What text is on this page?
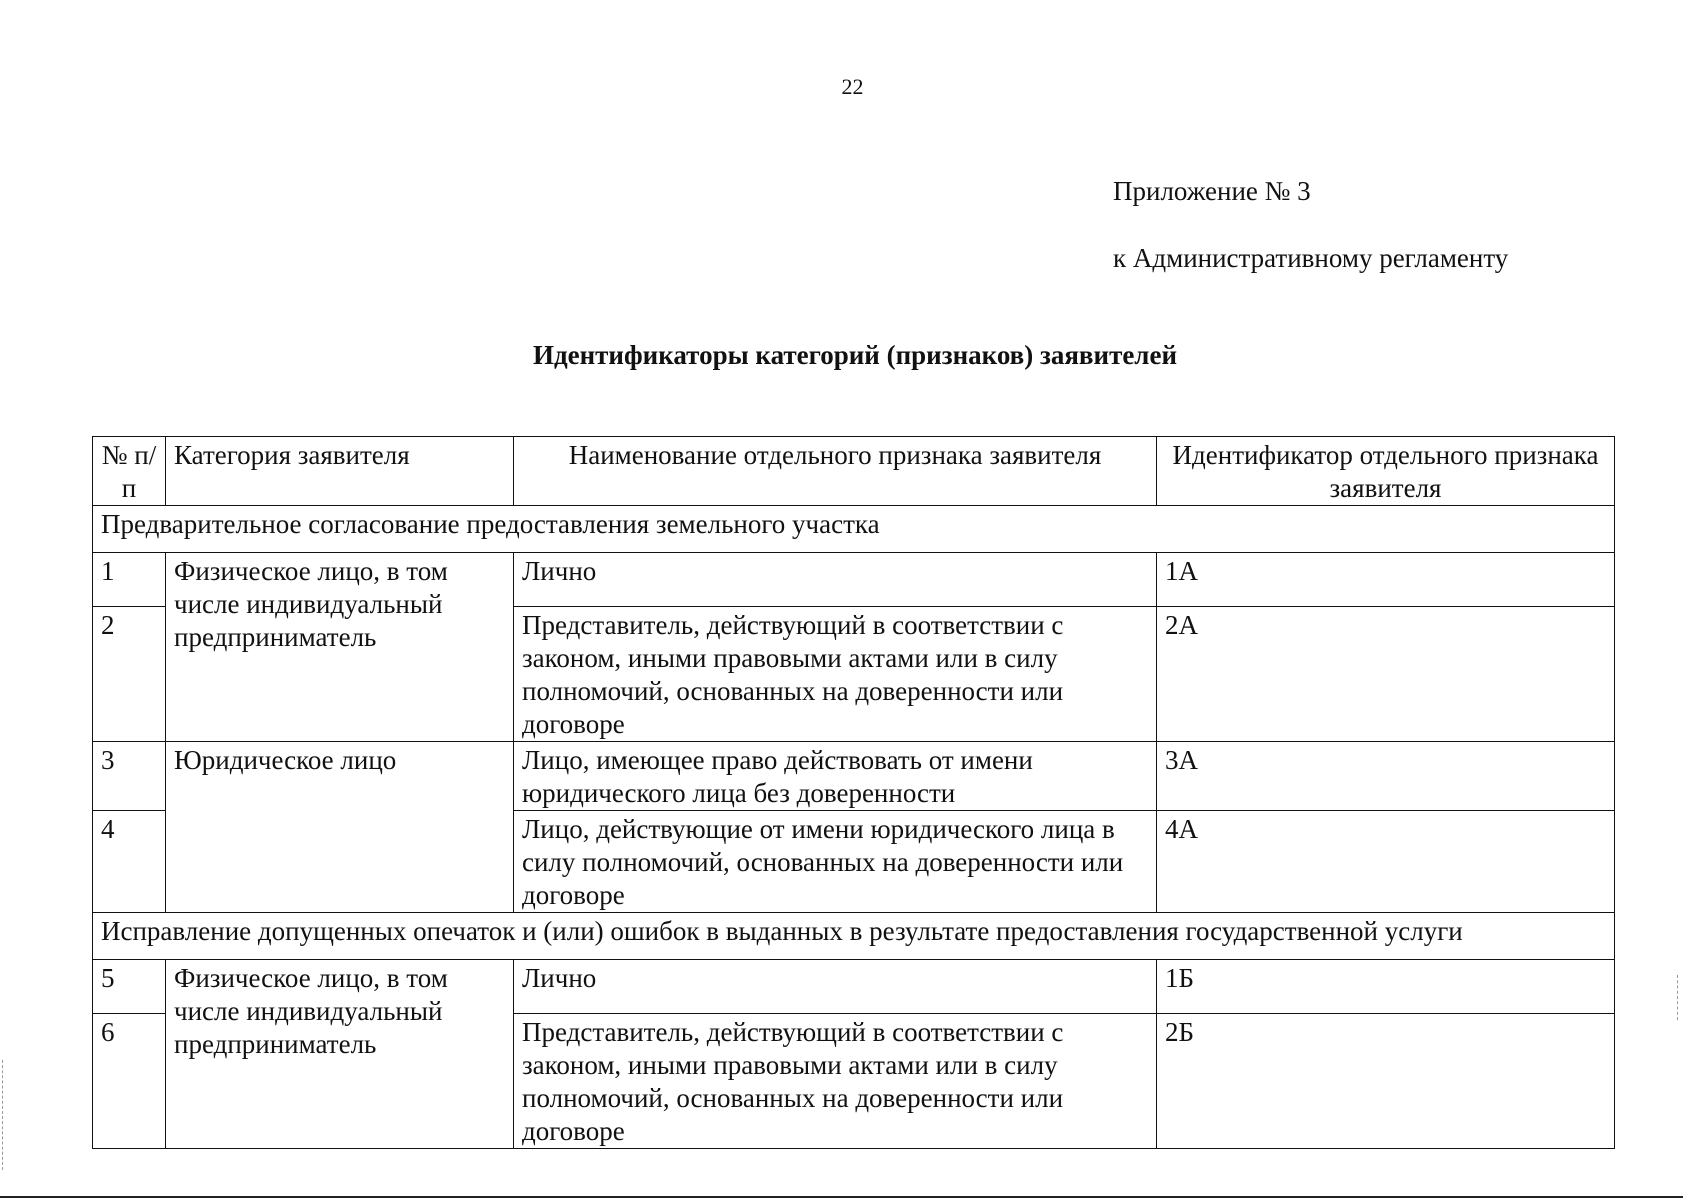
22
Приложение № 3
к Административному регламенту
Идентификаторы категорий (признаков) заявителей
№ п/п	Категория заявителя	Наименование отдельного признака заявителя	Идентификатор отдельного признака заявителя
Предварительное согласование предоставления земельного участка			
1	Физическое лицо, в том числе индивидуальный предприниматель	Лично	1А
2		Представитель, действующий в соответствии с законом, иными правовыми актами или в силу полномочий, основанных на доверенности или договоре	2А
3	Юридическое лицо	Лицо, имеющее право действовать от имени юридического лица без доверенности	3А
4		Лицо, действующие от имени юридического лица в силу полномочий, основанных на доверенности или договоре	4А
Исправление допущенных опечаток и (или) ошибок в выданных в результате предоставления государственной услуги			
5	Физическое лицо, в том числе индивидуальный предприниматель	Лично	1Б
6		Представитель, действующий в соответствии с законом, иными правовыми актами или в силу полномочий, основанных на доверенности или договоре	2Б
